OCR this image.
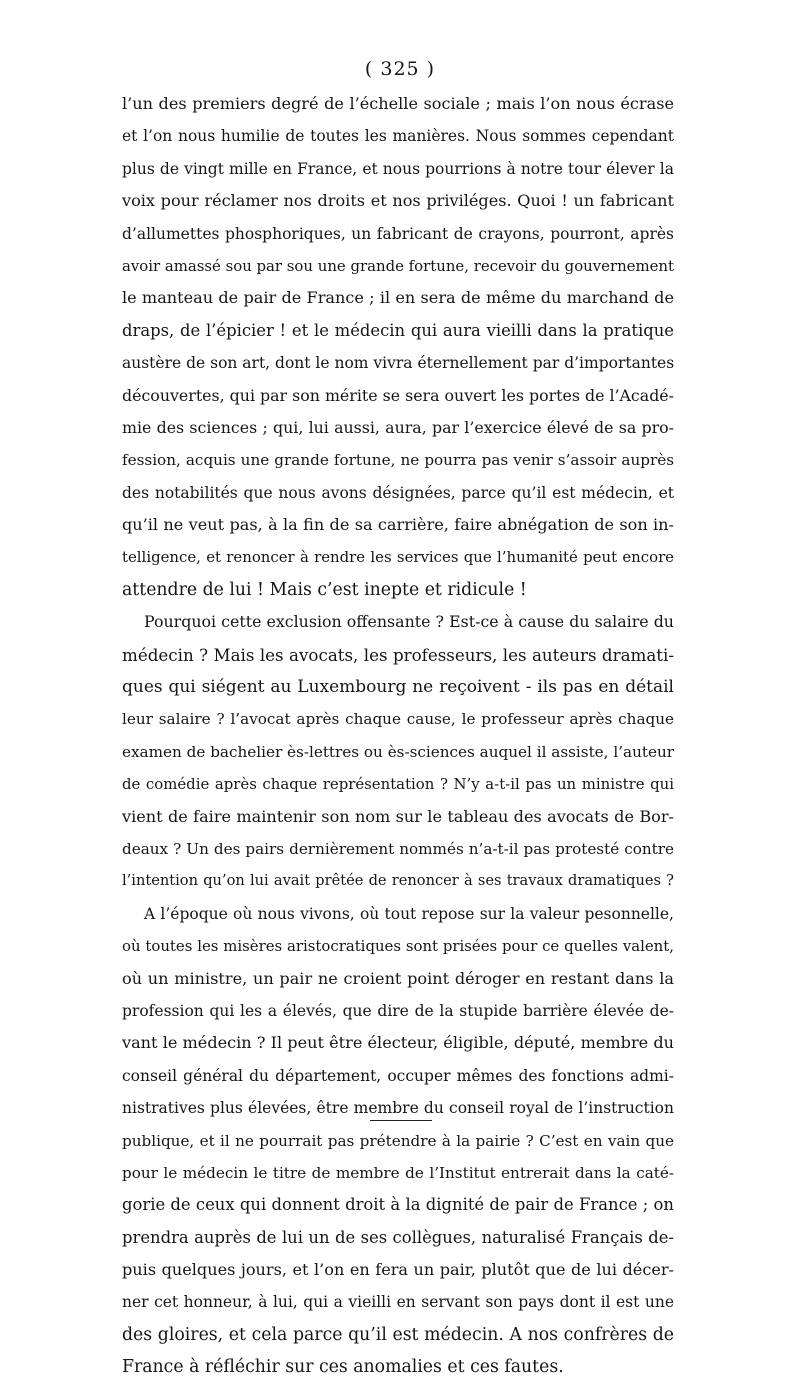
( 325 )
l’un des premiers degré de l’échelle sociale ; mais l’on nous écrase
et l’on nous humilie de toutes les manières. Nous sommes cependant
plus de vingt mille en France, et nous pourrions à notre tour élever la
voix pour réclamer nos droits et nos priviléges. Quoi ! un fabricant
d’allumettes phosphoriques, un fabricant de crayons, pourront, après
avoir amassé sou par sou une grande fortune, recevoir du gouvernement
le manteau de pair de France ; il en sera de même du marchand de
draps, de l’épicier ! et le médecin qui aura vieilli dans la pratique
austère de son art, dont le nom vivra éternellement par d’importantes
découvertes, qui par son mérite se sera ouvert les portes de l’Acadé-
mie des sciences ; qui, lui aussi, aura, par l’exercice élevé de sa pro-
fession, acquis une grande fortune, ne pourra pas venir s’assoir auprès
des notabilités que nous avons désignées, parce qu’il est médecin, et
qu’il ne veut pas, à la fin de sa carrière, faire abnégation de son in-
telligence, et renoncer à rendre les services que l’humanité peut encore
attendre de lui ! Mais c’est inepte et ridicule !
Pourquoi cette exclusion offensante ? Est-ce à cause du salaire du
médecin ? Mais les avocats, les professeurs, les auteurs dramati-
ques qui siégent au Luxembourg ne reçoivent - ils pas en détail
leur salaire ? l’avocat après chaque cause, le professeur après chaque
examen de bachelier ès-lettres ou ès-sciences auquel il assiste, l’auteur
de comédie après chaque représentation ? N’y a-t-il pas un ministre qui
vient de faire maintenir son nom sur le tableau des avocats de Bor-
deaux ? Un des pairs dernièrement nommés n’a-t-il pas protesté contre
l’intention qu’on lui avait prêtée de renoncer à ses travaux dramatiques ?
A l’époque où nous vivons, où tout repose sur la valeur pesonnelle,
où toutes les misères aristocratiques sont prisées pour ce quelles valent,
où un ministre, un pair ne croient point déroger en restant dans la
profession qui les a élevés, que dire de la stupide barrière élevée de-
vant le médecin ? Il peut être électeur, éligible, député, membre du
conseil général du département, occuper mêmes des fonctions admi-
nistratives plus élevées, être membre du conseil royal de l’instruction
publique, et il ne pourrait pas prétendre à la pairie ? C’est en vain que
pour le médecin le titre de membre de l’Institut entrerait dans la caté-
gorie de ceux qui donnent droit à la dignité de pair de France ; on
prendra auprès de lui un de ses collègues, naturalisé Français de-
puis quelques jours, et l’on en fera un pair, plutôt que de lui décer-
ner cet honneur, à lui, qui a vieilli en servant son pays dont il est une
des gloires, et cela parce qu’il est médecin. A nos confrères de
France à réfléchir sur ces anomalies et ces fautes.
